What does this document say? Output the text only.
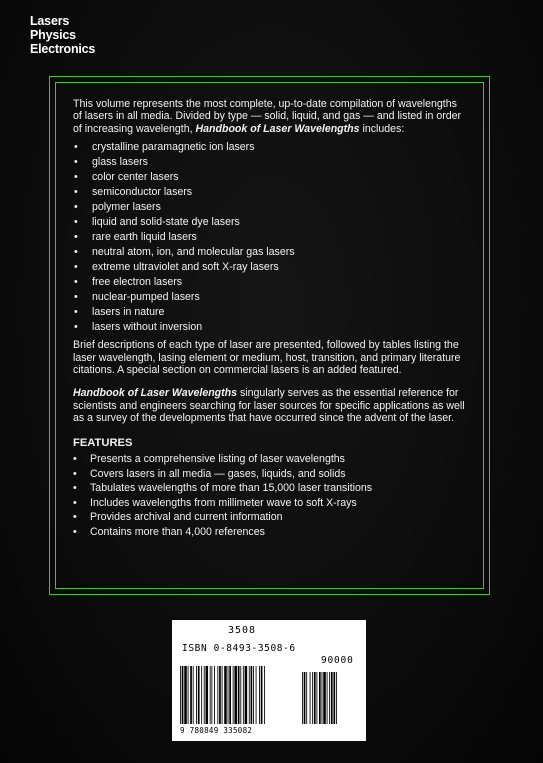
Lasers
Physics
Electronics

This volume represents the most complete, up-to-date compilation of wavelengths of lasers in all media. Divided by type — solid, liquid, and gas — and listed in order of increasing wavelength, Handbook of Laser Wavelengths includes:

• crystalline paramagnetic ion lasers
• glass lasers
• color center lasers
• semiconductor lasers
• polymer lasers
• liquid and solid-state dye lasers
• rare earth liquid lasers
• neutral atom, ion, and molecular gas lasers
• extreme ultraviolet and soft X-ray lasers
• free electron lasers
• nuclear-pumped lasers
• lasers in nature
• lasers without inversion

Brief descriptions of each type of laser are presented, followed by tables listing the laser wavelength, lasing element or medium, host, transition, and primary literature citations. A special section on commercial lasers is an added featured.

Handbook of Laser Wavelengths singularly serves as the essential reference for scientists and engineers searching for laser sources for specific applications as well as a survey of the developments that have occurred since the advent of the laser.

FEATURES

• Presents a comprehensive listing of laser wavelengths
• Covers lasers in all media — gases, liquids, and solids
• Tabulates wavelengths of more than 15,000 laser transitions
• Includes wavelengths from millimeter wave to soft X-rays
• Provides archival and current information
• Contains more than 4,000 references
3508
ISBN 0-8493-3508-6
90000
9 780849 335082
